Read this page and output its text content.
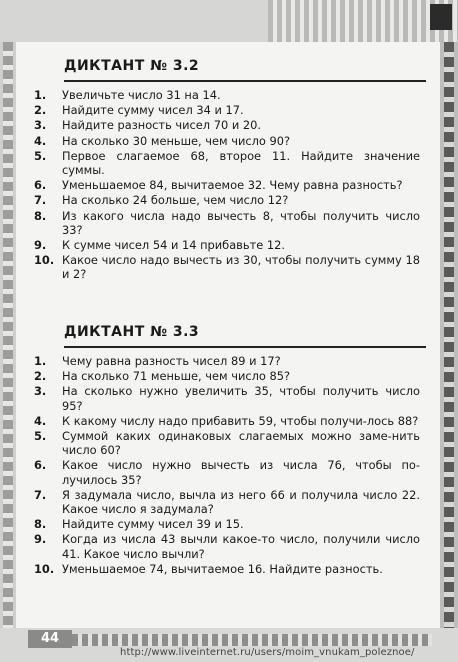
ДИКТАНТ № 3.2
1.	Увеличьте число 31 на 14.
2.	Найдите сумму чисел 34 и 17.
3.	Найдите разность чисел 70 и 20.
4.	На сколько 30 меньше, чем число 90?
5.	Первое слагаемое 68, второе 11. Найдите значение суммы.
6.	Уменьшаемое 84, вычитаемое 32. Чему равна разность?
7.	На сколько 24 больше, чем число 12?
8.	Из какого числа надо вычесть 8, чтобы получить число 33?
9.	К сумме чисел 54 и 14 прибавьте 12.
10. Какое число надо вычесть из 30, чтобы получить сумму 18 и 2?
ДИКТАНТ № 3.3
1.	Чему равна разность чисел 89 и 17?
2.	На сколько 71 меньше, чем число 85?
3.	На сколько нужно увеличить 35, чтобы получить число 95?
4.	К какому числу надо прибавить 59, чтобы получи-лось 88?
5.	Суммой каких одинаковых слагаемых можно заме-нить число 60?
6.	Какое число нужно вычесть из числа 76, чтобы по-лучилось 35?
7.	Я задумала число, вычла из него 66 и получила число 22. Какое число я задумала?
8.	Найдите сумму чисел 39 и 15.
9.	Когда из числа 43 вычли какое-то число, получили число 41. Какое число вычли?
10. Уменьшаемое 74, вычитаемое 16. Найдите разность.
44
http://www.liveinternet.ru/users/moim_vnukam_poleznoe/
